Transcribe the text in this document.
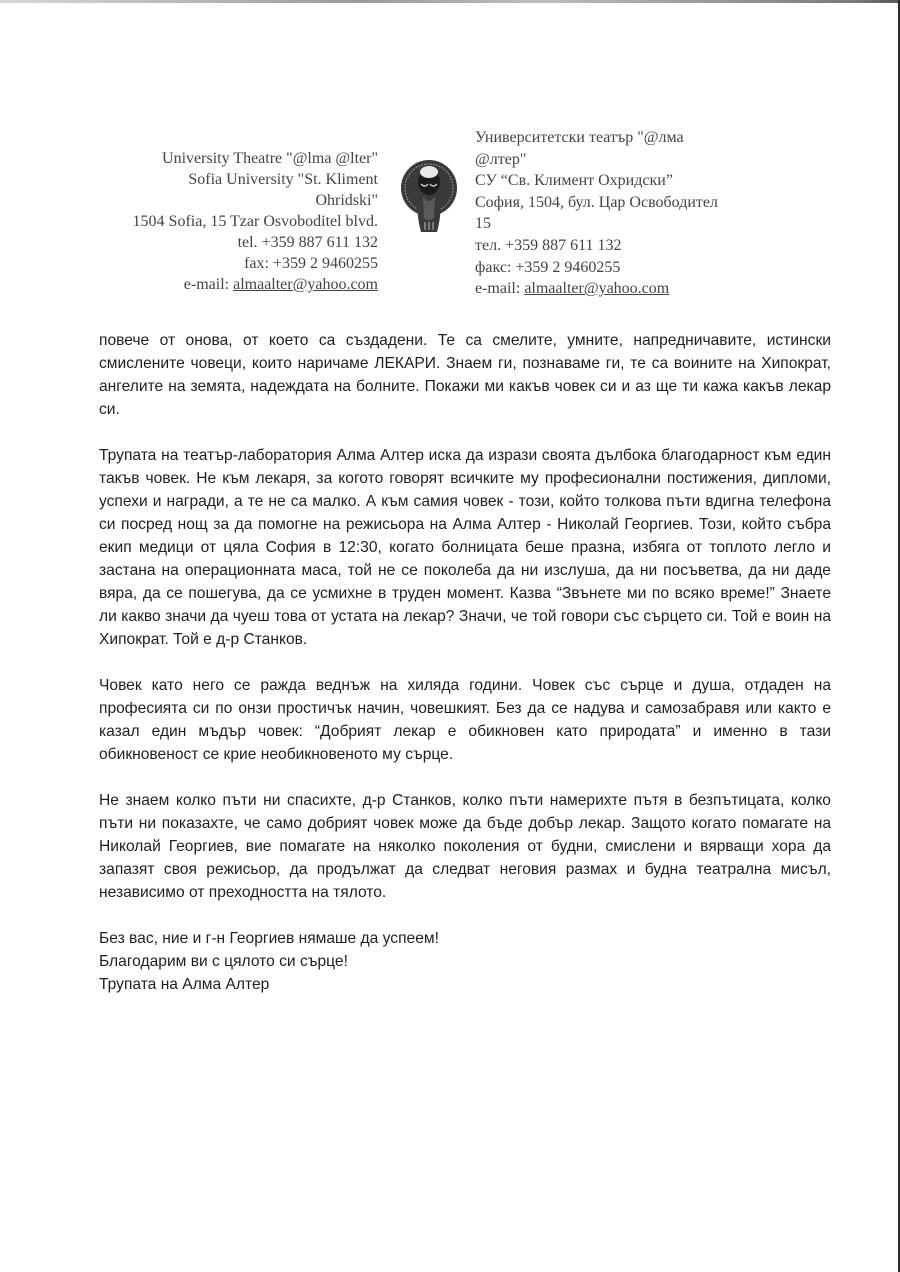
University Theatre "@lma @lter"
Sofia University "St. Kliment
Ohridski"
1504 Sofia, 15 Tzar Osvoboditel blvd.
tel. +359 887 611 132
fax: +359 2 9460255
e-mail: almaalter@yahoo.com
Университетски театър "@лма
@лтер"
СУ “Св. Климент Охридски”
София, 1504, бул. Цар Освободител
15
тел. +359 887 611 132
факс: +359 2 9460255
e-mail: almaalter@yahoo.com

повече от онова, от което са създадени. Те са смелите, умните, напредничавите, истински смислените човеци, които наричаме ЛЕКАРИ. Знаем ги, познаваме ги, те са воините на Хипократ, ангелите на земята, надеждата на болните. Покажи ми какъв човек си и аз ще ти кажа какъв лекар си.

Трупата на театър-лаборатория Алма Алтер иска да изрази своята дълбока благодарност към един такъв човек. Не към лекаря, за когото говорят всичките му професионални постижения, дипломи, успехи и награди, а те не са малко. А към самия човек - този, който толкова пъти вдигна телефона си посред нощ за да помогне на режисьора на Алма Алтер - Николай Георгиев. Този, който събра екип медици от цяла София в 12:30, когато болницата беше празна, избяга от топлото легло и застана на операционната маса, той не се поколеба да ни изслуша, да ни посъветва, да ни даде вяра, да се пошегува, да се усмихне в труден момент. Казва “Звънете ми по всяко време!” Знаете ли какво значи да чуеш това от устата на лекар? Значи, че той говори със сърцето си. Той е воин на Хипократ. Той е д-р Станков.

Човек като него се ражда веднъж на хиляда години. Човек със сърце и душа, отдаден на професията си по онзи простичък начин, човешкият. Без да се надува и самозабравя или както е казал един мъдър човек: “Добрият лекар е обикновен като природата” и именно в тази обикновеност се крие необикновеното му сърце.

Не знаем колко пъти ни спасихте, д-р Станков, колко пъти намерихте пътя в безпътицата, колко пъти ни показахте, че само добрият човек може да бъде добър лекар. Защото когато помагате на Николай Георгиев, вие помагате на няколко поколения от будни, смислени и вярващи хора да запазят своя режисьор, да продължат да следват неговия размах и будна театрална мисъл, независимо от преходността на тялото.

Без вас, ние и г-н Георгиев нямаше да успеем!
Благодарим ви с цялото си сърце!
Трупата на Алма Алтер
